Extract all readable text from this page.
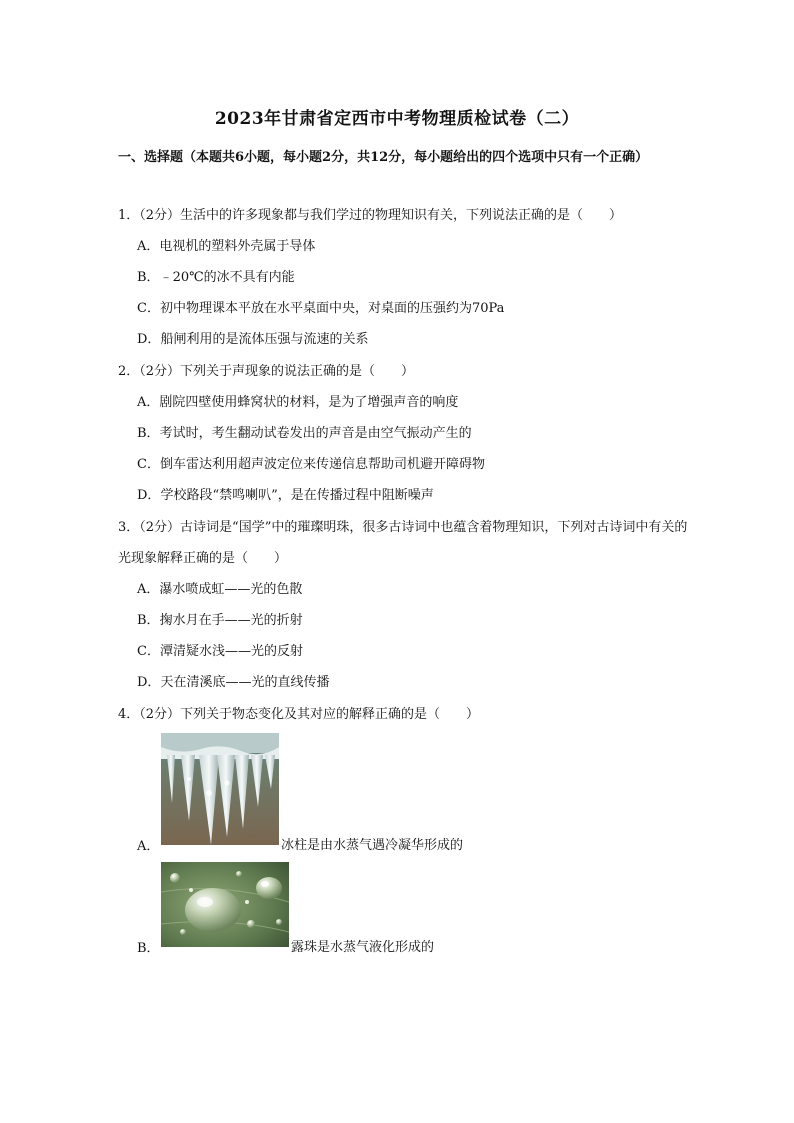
2023年甘肃省定西市中考物理质检试卷（二）
一、选择题（本题共6小题，每小题2分，共12分，每小题给出的四个选项中只有一个正确）
1．（2分）生活中的许多现象都与我们学过的物理知识有关，下列说法正确的是（　　）
A．电视机的塑料外壳属于导体
B．﹣20℃的冰不具有内能
C．初中物理课本平放在水平桌面中央，对桌面的压强约为70Pa
D．船闸利用的是流体压强与流速的关系
2．（2分）下列关于声现象的说法正确的是（　　）
A．剧院四壁使用蜂窝状的材料，是为了增强声音的响度
B．考试时，考生翻动试卷发出的声音是由空气振动产生的
C．倒车雷达利用超声波定位来传递信息帮助司机避开障碍物
D．学校路段“禁鸣喇叭”，是在传播过程中阻断噪声
3．（2分）古诗词是“国学”中的璀璨明珠，很多古诗词中也蕴含着物理知识，下列对古诗词中有关的光现象解释正确的是（　　）
A．瀑水喷成虹——光的色散
B．掬水月在手——光的折射
C．潭清疑水浅——光的反射
D．天在清溪底——光的直线传播
4．（2分）下列关于物态变化及其对应的解释正确的是（　　）
A．	冰柱是由水蒸气遇冷凝华形成的
B．	露珠是水蒸气液化形成的
